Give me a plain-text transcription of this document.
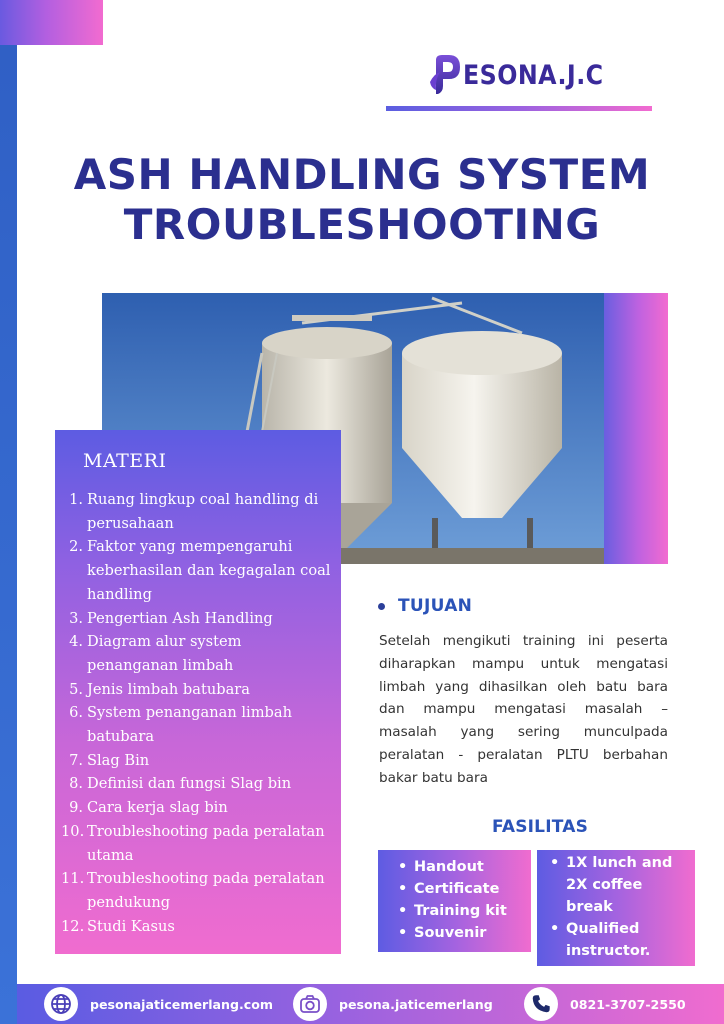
ESONA.J.C
ASH HANDLING SYSTEM
TROUBLESHOOTING
MATERI
1. Ruang lingkup coal handling di perusahaan
2. Faktor yang mempengaruhi keberhasilan dan kegagalan coal handling
3. Pengertian Ash Handling
4. Diagram alur system penanganan limbah
5. Jenis limbah batubara
6. System penanganan limbah batubara
7. Slag Bin
8. Definisi dan fungsi Slag bin
9. Cara kerja slag bin
10. Troubleshooting pada peralatan utama
11. Troubleshooting pada peralatan pendukung
12. Studi Kasus
TUJUAN

Setelah mengikuti training ini peserta diharapkan mampu untuk mengatasi limbah yang dihasilkan oleh batu bara dan mampu mengatasi masalah – masalah yang sering munculpada peralatan - peralatan PLTU berbahan bakar batu bara

FASILITAS
• Handout
• Certificate
• Training kit
• Souvenir
• 1X lunch and 2X coffee break
• Qualified instructor.
pesonajaticemerlang.com	pesona.jaticemerlang	0821-3707-2550
